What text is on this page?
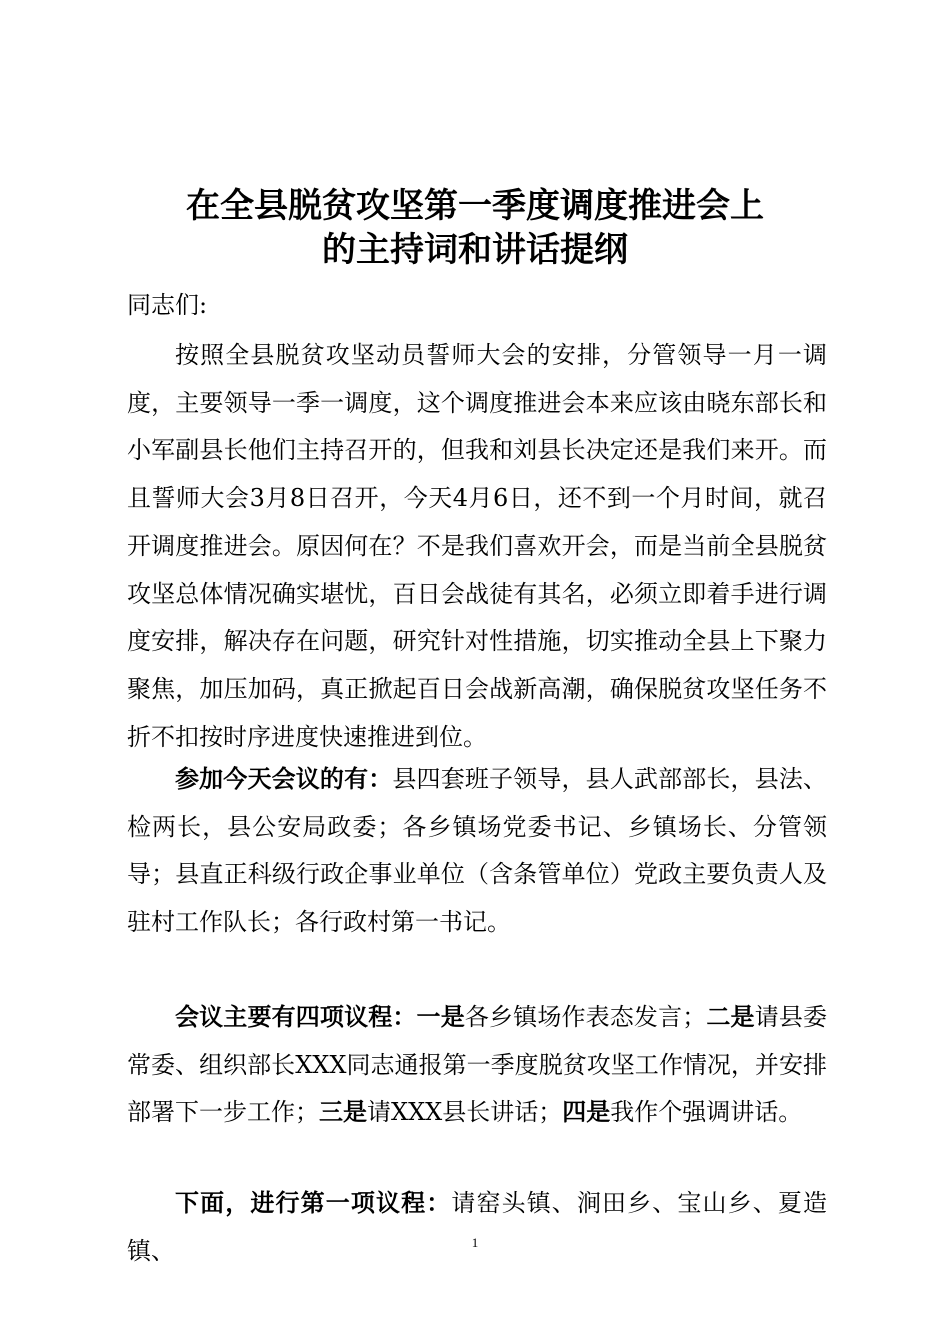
在全县脱贫攻坚第一季度调度推进会上
的主持词和讲话提纲

同志们:

按照全县脱贫攻坚动员誓师大会的安排，分管领导一月一调度，主要领导一季一调度，这个调度推进会本来应该由晓东部长和小军副县长他们主持召开的，但我和刘县长决定还是我们来开。而且誓师大会3月8日召开，今天4月6日，还不到一个月时间，就召开调度推进会。原因何在？不是我们喜欢开会，而是当前全县脱贫攻坚总体情况确实堪忧，百日会战徒有其名，必须立即着手进行调度安排，解决存在问题，研究针对性措施，切实推动全县上下聚力聚焦，加压加码，真正掀起百日会战新高潮，确保脱贫攻坚任务不折不扣按时序进度快速推进到位。

参加今天会议的有：县四套班子领导，县人武部部长，县法、检两长，县公安局政委；各乡镇场党委书记、乡镇场长、分管领导；县直正科级行政企事业单位（含条管单位）党政主要负责人及驻村工作队长；各行政村第一书记。

会议主要有四项议程：一是各乡镇场作表态发言；二是请县委常委、组织部长XXX同志通报第一季度脱贫攻坚工作情况，并安排部署下一步工作；三是请XXX县长讲话；四是我作个强调讲话。

下面，进行第一项议程：请窑头镇、涧田乡、宝山乡、夏造镇、	1
